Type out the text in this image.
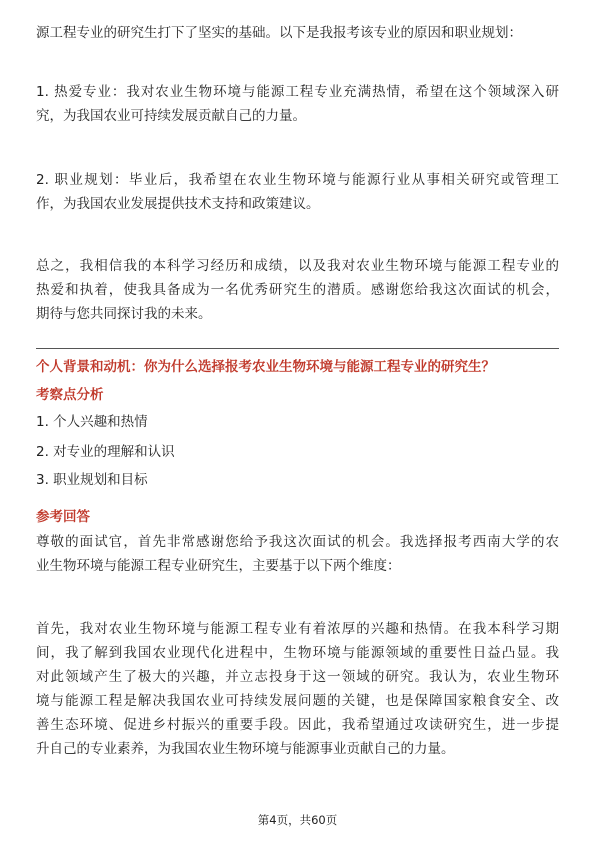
源工程专业的研究生打下了坚实的基础。以下是我报考该专业的原因和职业规划：

1. 热爱专业：我对农业生物环境与能源工程专业充满热情，希望在这个领域深入研
究，为我国农业可持续发展贡献自己的力量。

2. 职业规划：毕业后，我希望在农业生物环境与能源行业从事相关研究或管理工
作，为我国农业发展提供技术支持和政策建议。

总之，我相信我的本科学习经历和成绩，以及我对农业生物环境与能源工程专业的
热爱和执着，使我具备成为一名优秀研究生的潜质。感谢您给我这次面试的机会，
期待与您共同探讨我的未来。

个人背景和动机：你为什么选择报考农业生物环境与能源工程专业的研究生？
考察点分析
1. 个人兴趣和热情
2. 对专业的理解和认识
3. 职业规划和目标
参考回答

尊敬的面试官，首先非常感谢您给予我这次面试的机会。我选择报考西南大学的农
业生物环境与能源工程专业研究生，主要基于以下两个维度：

首先，我对农业生物环境与能源工程专业有着浓厚的兴趣和热情。在我本科学习期
间，我了解到我国农业现代化进程中，生物环境与能源领域的重要性日益凸显。我
对此领域产生了极大的兴趣，并立志投身于这一领域的研究。我认为，农业生物环
境与能源工程是解决我国农业可持续发展问题的关键，也是保障国家粮食安全、改
善生态环境、促进乡村振兴的重要手段。因此，我希望通过攻读研究生，进一步提
升自己的专业素养，为我国农业生物环境与能源事业贡献自己的力量。

第4页，共60页
